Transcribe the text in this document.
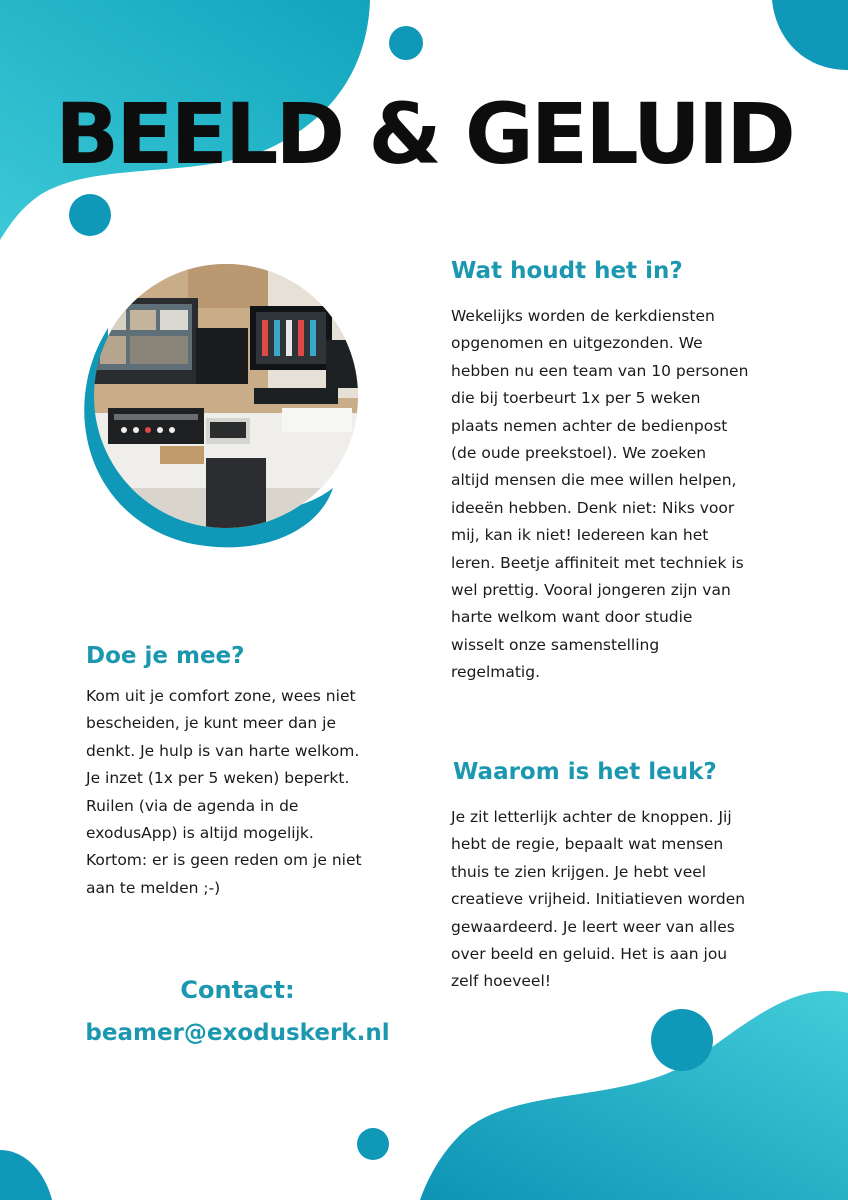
BEELD & GELUID
Wat houdt het in?
Wekelijks worden de kerkdiensten
opgenomen en uitgezonden. We
hebben nu een team van 10 personen
die bij toerbeurt 1x per 5 weken
plaats nemen achter de bedienpost
(de oude preekstoel). We zoeken
altijd mensen die mee willen helpen,
ideeën hebben. Denk niet: Niks voor
mij, kan ik niet! Iedereen kan het
leren. Beetje affiniteit met techniek is
wel prettig. Vooral jongeren zijn van
harte welkom want door studie
wisselt onze samenstelling
regelmatig.
Doe je mee?
Kom uit je comfort zone, wees niet
bescheiden, je kunt meer dan je
denkt. Je hulp is van harte welkom.
Je inzet (1x per 5 weken) beperkt.
Ruilen (via de agenda in de
exodusApp) is altijd mogelijk.
Kortom: er is geen reden om je niet
aan te melden ;-)
Waarom is het leuk?
Je zit letterlijk achter de knoppen. Jij
hebt de regie, bepaalt wat mensen
thuis te zien krijgen. Je hebt veel
creatieve vrijheid. Initiatieven worden
gewaardeerd. Je leert weer van alles
over beeld en geluid. Het is aan jou
zelf hoeveel!
Contact:
beamer@exoduskerk.nl
